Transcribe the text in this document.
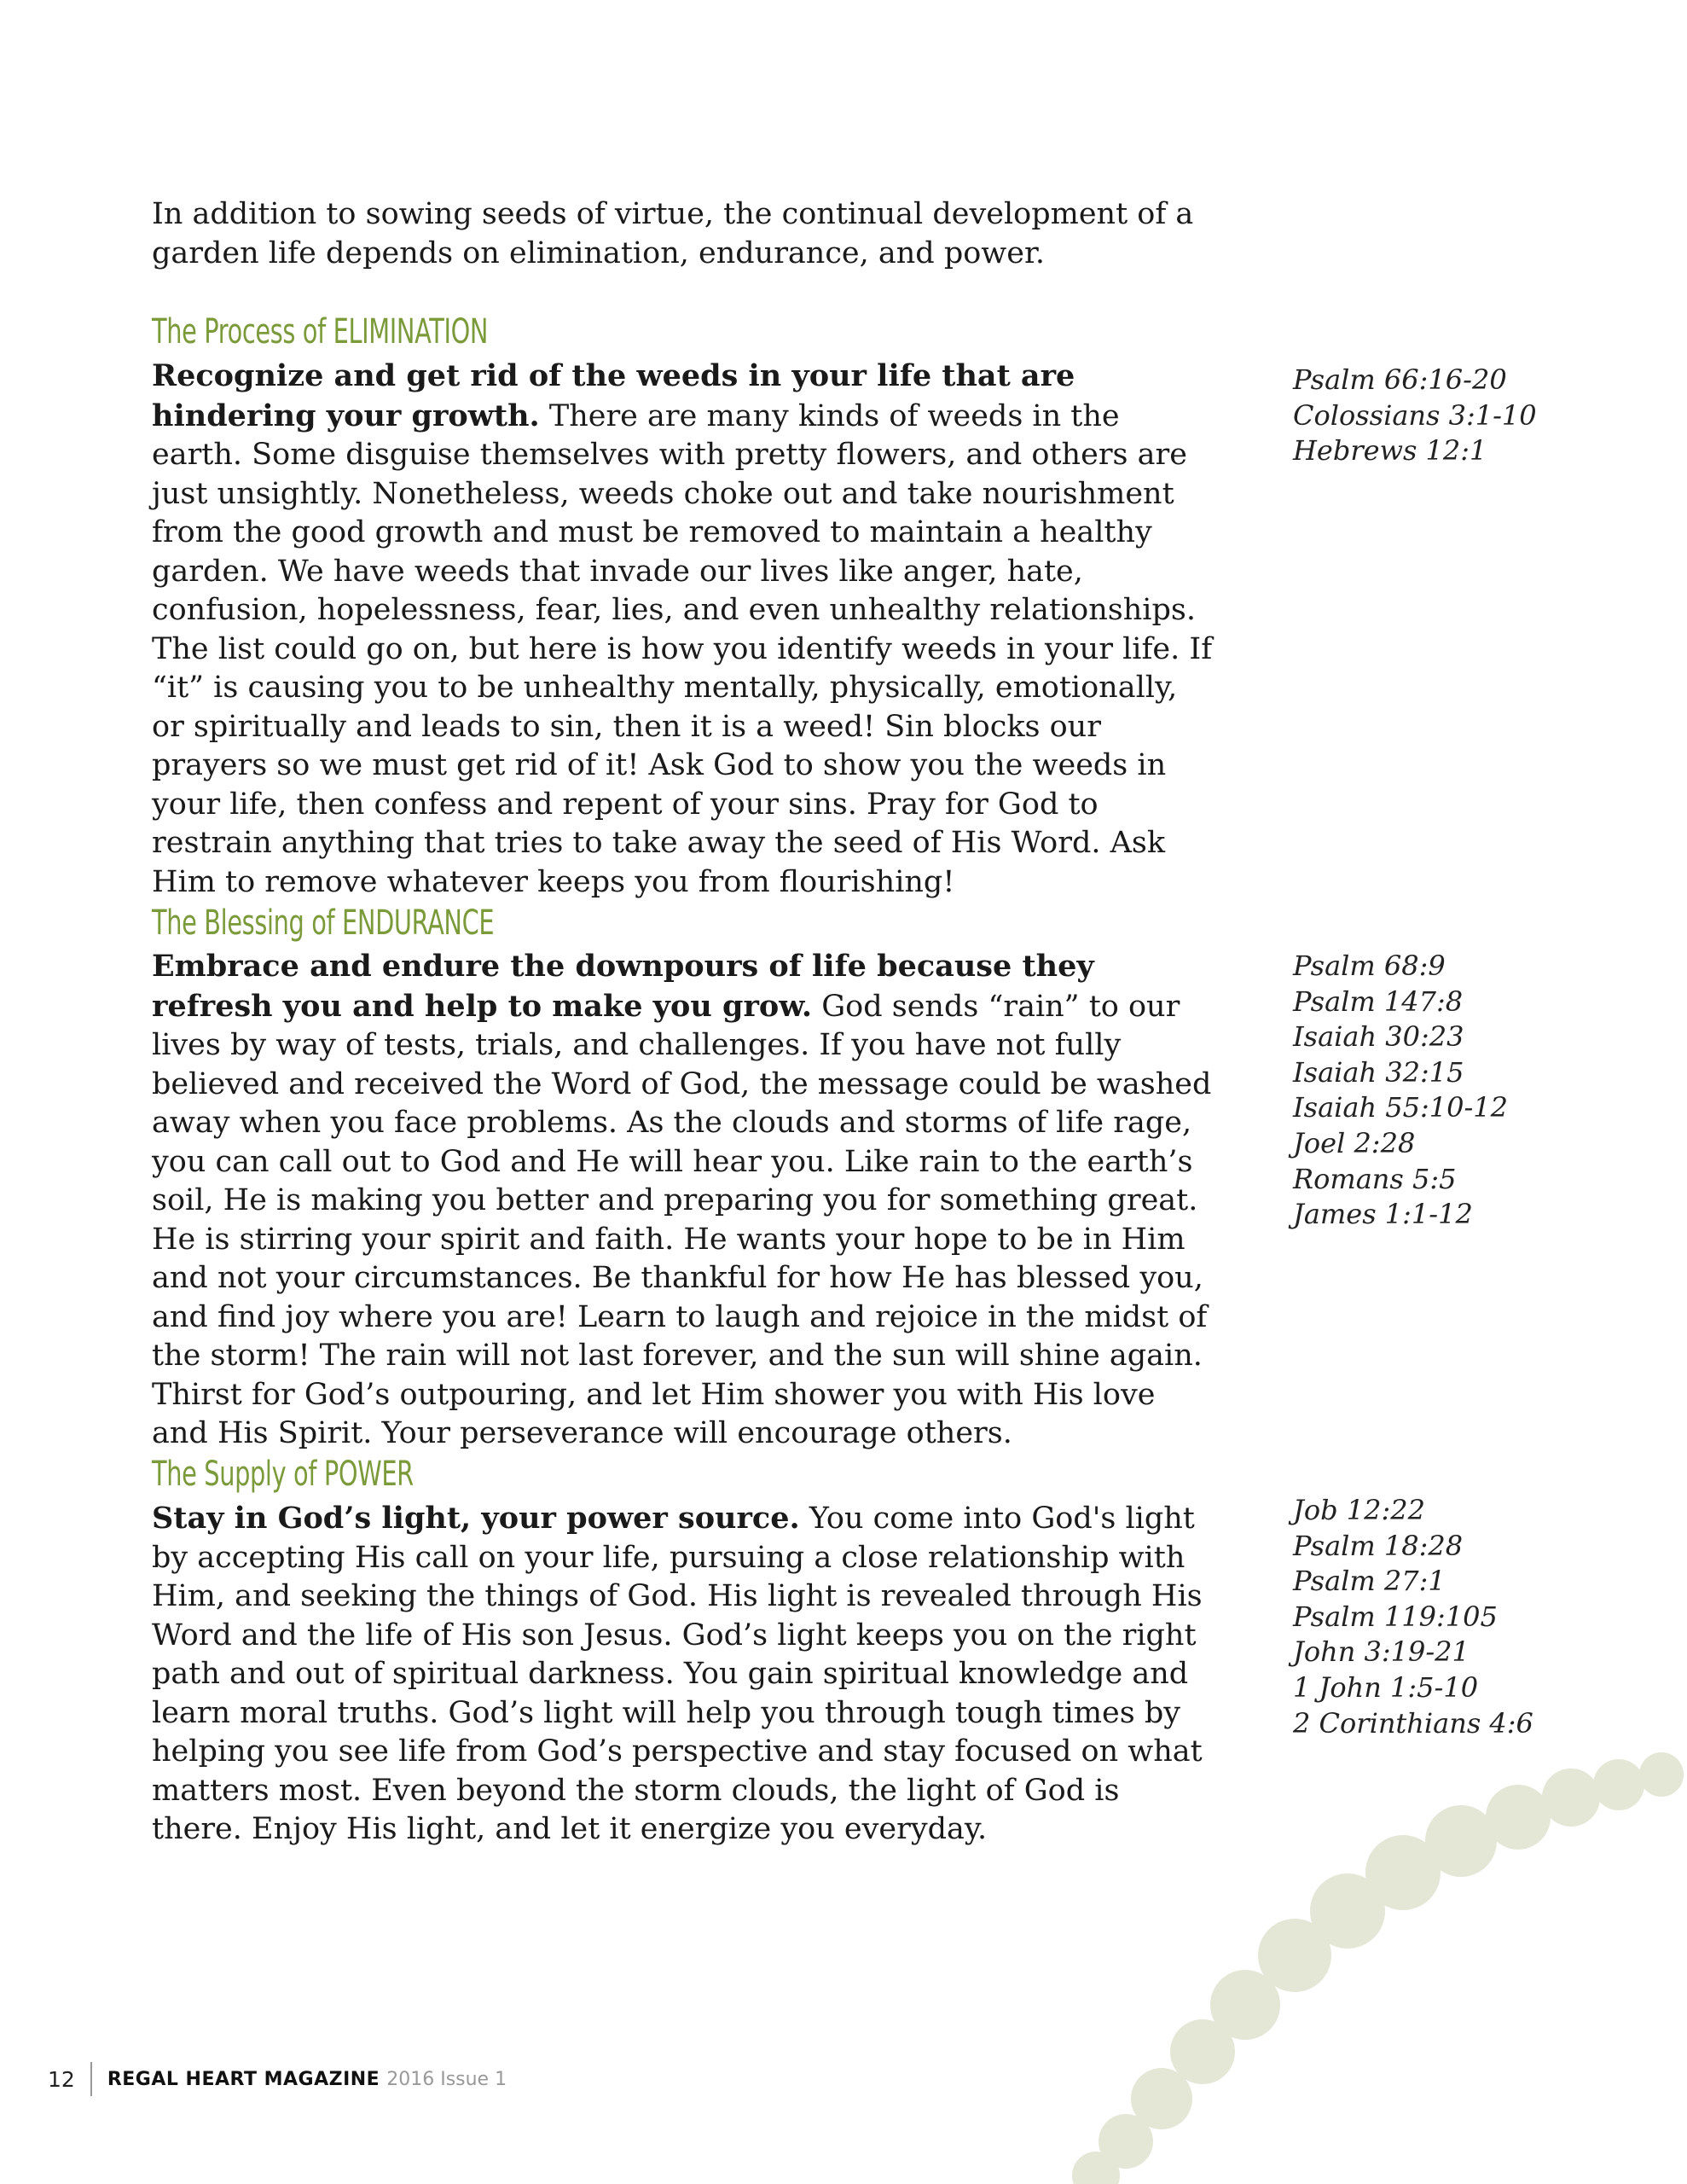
In addition to sowing seeds of virtue, the continual development of a garden life depends on elimination, endurance, and power.

The Process of ELIMINATION

Recognize and get rid of the weeds in your life that are hindering your growth. There are many kinds of weeds in the earth. Some disguise themselves with pretty flowers, and others are just unsightly. Nonetheless, weeds choke out and take nourishment from the good growth and must be removed to maintain a healthy garden. We have weeds that invade our lives like anger, hate, confusion, hopelessness, fear, lies, and even unhealthy relationships. The list could go on, but here is how you identify weeds in your life. If “it” is causing you to be unhealthy mentally, physically, emotionally, or spiritually and leads to sin, then it is a weed! Sin blocks our prayers so we must get rid of it! Ask God to show you the weeds in your life, then confess and repent of your sins. Pray for God to restrain anything that tries to take away the seed of His Word. Ask Him to remove whatever keeps you from flourishing!

Psalm 66:16-20
Colossians 3:1-10
Hebrews 12:1
The Blessing of ENDURANCE

Embrace and endure the downpours of life because they refresh you and help to make you grow. God sends “rain” to our lives by way of tests, trials, and challenges. If you have not fully believed and received the Word of God, the message could be washed away when you face problems. As the clouds and storms of life rage, you can call out to God and He will hear you. Like rain to the earth’s soil, He is making you better and preparing you for something great. He is stirring your spirit and faith. He wants your hope to be in Him and not your circumstances. Be thankful for how He has blessed you, and find joy where you are! Learn to laugh and rejoice in the midst of the storm! The rain will not last forever, and the sun will shine again. Thirst for God’s outpouring, and let Him shower you with His love and His Spirit. Your perseverance will encourage others.

Psalm 68:9
Psalm 147:8
Isaiah 30:23
Isaiah 32:15
Isaiah 55:10-12
Joel 2:28
Romans 5:5
James 1:1-12
The Supply of POWER

Stay in God’s light, your power source. You come into God's light by accepting His call on your life, pursuing a close relationship with Him, and seeking the things of God. His light is revealed through His Word and the life of His son Jesus. God’s light keeps you on the right path and out of spiritual darkness. You gain spiritual knowledge and learn moral truths. God’s light will help you through tough times by helping you see life from God’s perspective and stay focused on what matters most. Even beyond the storm clouds, the light of God is there. Enjoy His light, and let it energize you everyday.

Job 12:22
Psalm 18:28
Psalm 27:1
Psalm 119:105
John 3:19-21
1 John 1:5-10
2 Corinthians 4:6
12 REGAL HEART MAGAZINE 2016 Issue 1
